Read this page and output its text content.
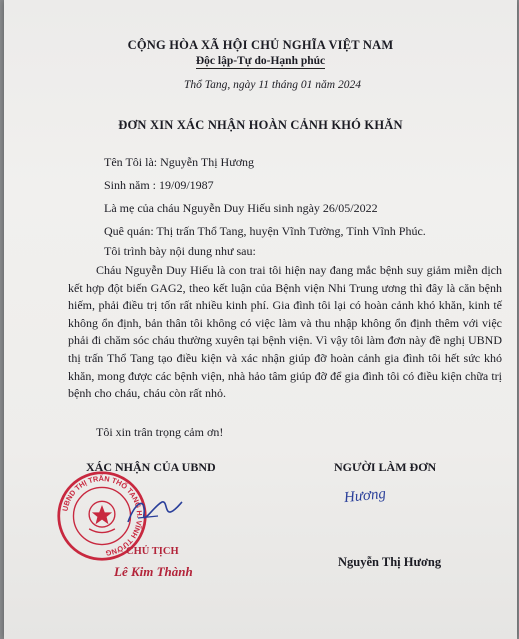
CỘNG HÒA XÃ HỘI CHỦ NGHĨA VIỆT NAM
Độc lập-Tự do-Hạnh phúc
Thổ Tang, ngày 11 tháng 01 năm 2024
ĐƠN XIN XÁC NHẬN HOÀN CẢNH KHÓ KHĂN
Tên Tôi là: Nguyễn Thị Hương
Sinh năm : 19/09/1987
Là mẹ của cháu Nguyễn Duy Hiếu sinh ngày 26/05/2022
Quê quán: Thị trấn Thổ Tang, huyện Vĩnh Tường, Tỉnh Vĩnh Phúc.
Tôi trình bày nội dung như sau:
Cháu Nguyễn Duy Hiếu là con trai tôi hiện nay đang mắc bệnh suy giảm miễn dịch kết hợp đột biến GAG2, theo kết luận của Bệnh viện Nhi Trung ương thì đây là căn bệnh hiếm, phải điều trị tốn rất nhiều kinh phí. Gia đình tôi lại có hoàn cảnh khó khăn, kinh tế không ổn định, bản thân tôi không có việc làm và thu nhập không ổn định thêm với việc phải đi chăm sóc cháu thường xuyên tại bệnh viện. Vì vậy tôi làm đơn này đề nghị UBND thị trấn Thổ Tang tạo điều kiện và xác nhận giúp đỡ hoàn cảnh gia đình tôi hết sức khó khăn, mong được các bệnh viện, nhà hảo tâm giúp đỡ để gia đình tôi có điều kiện chữa trị bệnh cho cháu, cháu còn rất nhỏ.
Tôi xin trân trọng cảm ơn!
XÁC NHẬN CỦA UBND	NGƯỜI LÀM ĐƠN
UBND THỊ TRẤN THỔ TANG H. VĨNH TƯỜNG	CHỦ TỊCH
Lê Kim Thành
Hương
Nguyễn Thị Hương
